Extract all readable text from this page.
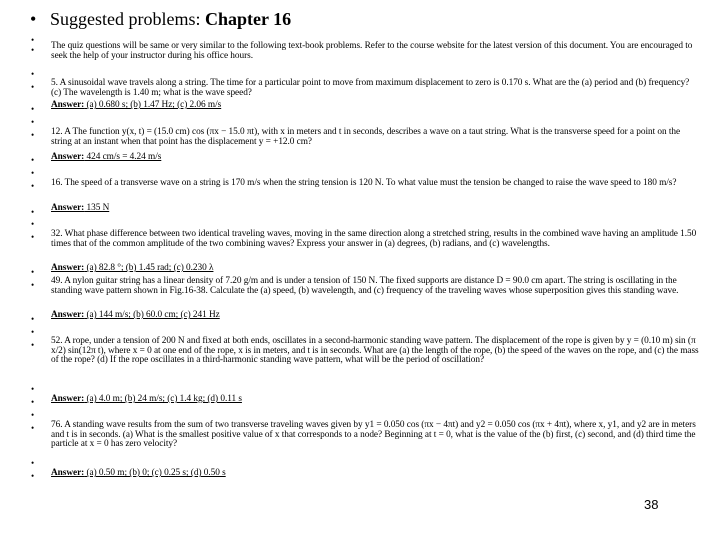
• Suggested problems: Chapter 16
•
•
•
•
•
•
•
•
•
•
•
•
•
•
•
•
•
•
•
•
•
•
•
•
The quiz questions will be same or very similar to the following text-book problems. Refer to the course website for the latest version of this document. You are encouraged to seek the help of your instructor during his office hours.
5. A sinusoidal wave travels along a string. The time for a particular point to move from maximum displacement to zero is 0.170 s. What are the (a) period and (b) frequency? (c) The wavelength is 1.40 m; what is the wave speed?
Answer: (a) 0.680 s; (b) 1.47 Hz; (c) 2.06 m/s
12. A The function y(x, t) = (15.0 cm) cos (πx − 15.0 πt), with x in meters and t in seconds, describes a wave on a taut string. What is the transverse speed for a point on the string at an instant when that point has the displacement y = +12.0 cm?
Answer: 424 cm/s = 4.24 m/s
16. The speed of a transverse wave on a string is 170 m/s when the string tension is 120 N. To what value must the tension be changed to raise the wave speed to 180 m/s?
Answer: 135 N
32. What phase difference between two identical traveling waves, moving in the same direction along a stretched string, results in the combined wave having an amplitude 1.50 times that of the common amplitude of the two combining waves? Express your answer in (a) degrees, (b) radians, and (c) wavelengths.
Answer: (a) 82.8 °; (b) 1.45 rad; (c) 0.230 λ
49. A nylon guitar string has a linear density of 7.20 g/m and is under a tension of 150 N. The fixed supports are distance D = 90.0 cm apart. The string is oscillating in the standing wave pattern shown in Fig.16-38. Calculate the (a) speed, (b) wavelength, and (c) frequency of the traveling waves whose superposition gives this standing wave.
Answer: (a) 144 m/s; (b) 60.0 cm; (c) 241 Hz
52. A rope, under a tension of 200 N and fixed at both ends, oscillates in a second-harmonic standing wave pattern. The displacement of the rope is given by y = (0.10 m) sin (π x/2) sin(12π t), where x = 0 at one end of the rope, x is in meters, and t is in seconds. What are (a) the length of the rope, (b) the speed of the waves on the rope, and (c) the mass of the rope? (d) If the rope oscillates in a third-harmonic standing wave pattern, what will be the period of oscillation?
Answer: (a) 4.0 m; (b) 24 m/s; (c) 1.4 kg; (d) 0.11 s
76. A standing wave results from the sum of two transverse traveling waves given by y1 = 0.050 cos (πx − 4πt) and y2 = 0.050 cos (πx + 4πt), where x, y1, and y2 are in meters and t is in seconds. (a) What is the smallest positive value of x that corresponds to a node? Beginning at t = 0, what is the value of the (b) first, (c) second, and (d) third time the particle at x = 0 has zero velocity?
Answer: (a) 0.50 m; (b) 0; (c) 0.25 s; (d) 0.50 s
38
